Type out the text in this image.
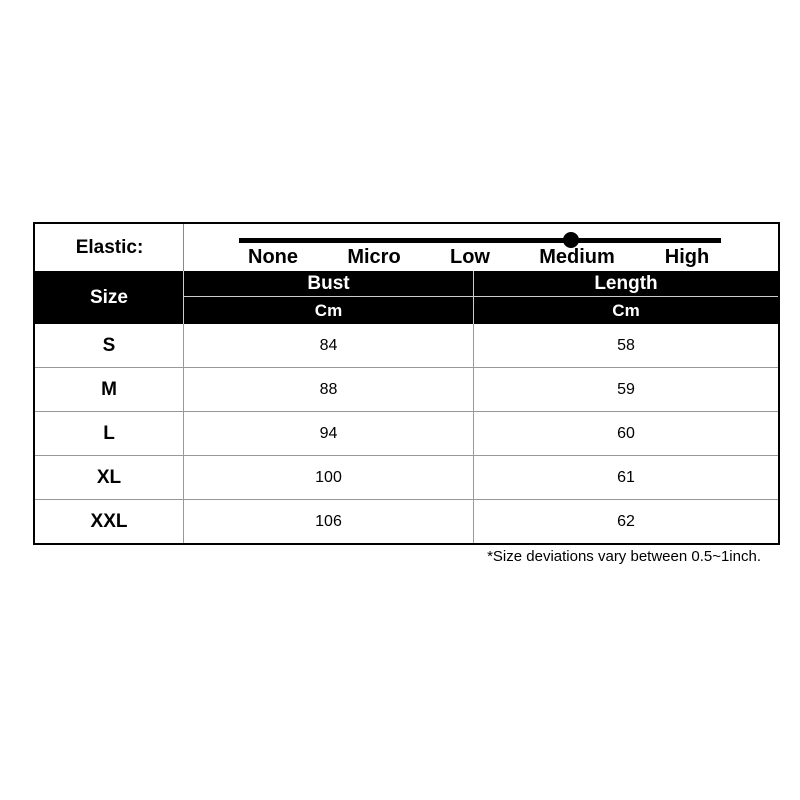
Elastic:	None Micro Low Medium	High
Size
Bust	Length
Cm	Cm
S	84	58
M	88	59
L	94	60
XL	100	61
XXL	106	62
*Size deviations vary between 0.5~1inch.
